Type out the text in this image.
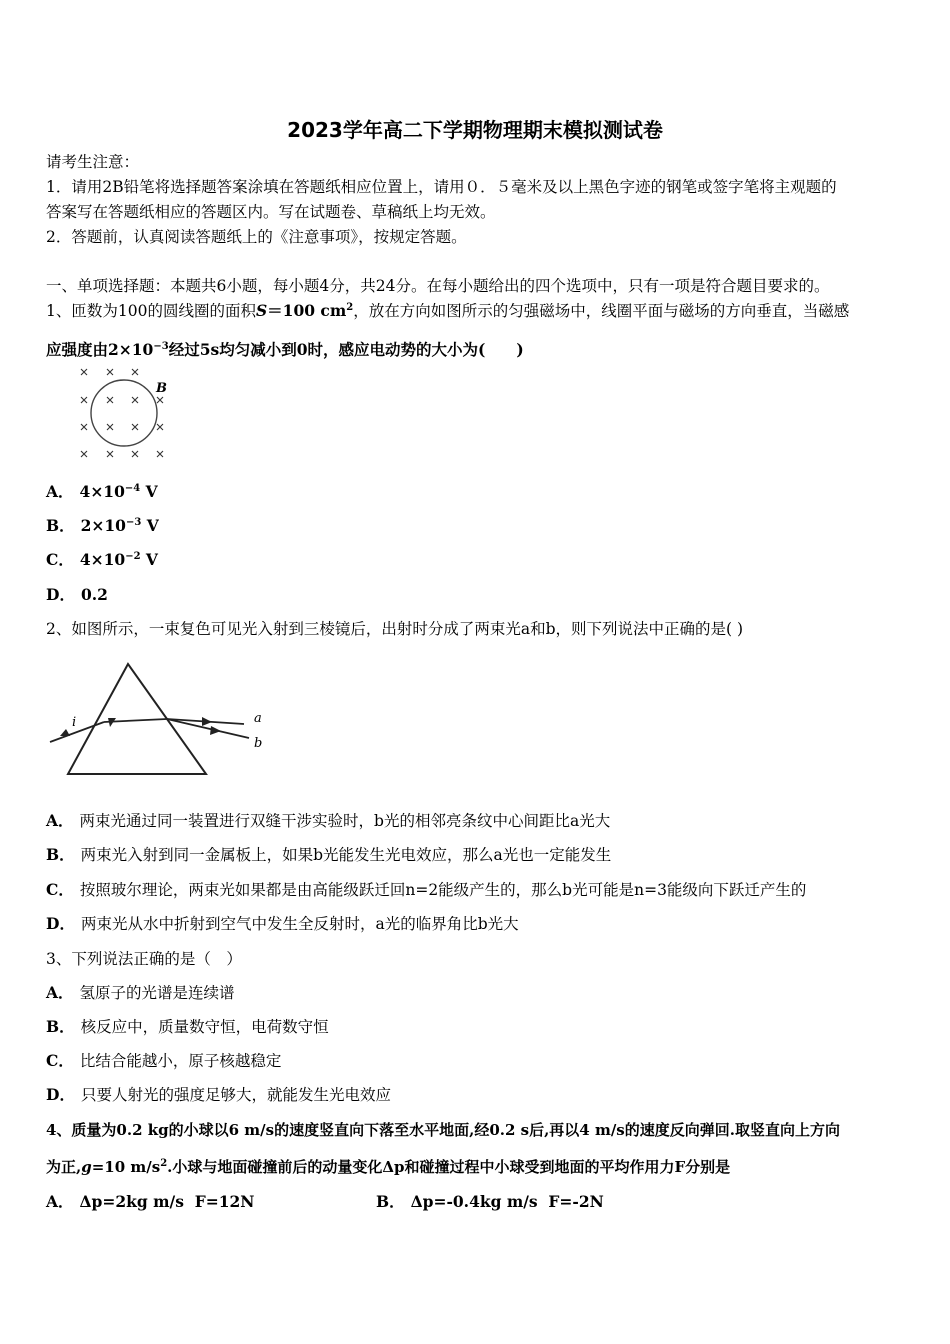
2023学年高二下学期物理期末模拟测试卷
请考生注意：
1．请用2B铅笔将选择题答案涂填在答题纸相应位置上，请用０．５毫米及以上黑色字迹的钢笔或签字笔将主观题的
答案写在答题纸相应的答题区内。写在试题卷、草稿纸上均无效。
2．答题前，认真阅读答题纸上的《注意事项》，按规定答题。
一、单项选择题：本题共6小题，每小题4分，共24分。在每小题给出的四个选项中，只有一项是符合题目要求的。
1、匝数为100的圆线圈的面积S＝100 $cm^2$，放在方向如图所示的匀强磁场中，线圈平面与磁场的方向垂直，当磁感
应强度由$2\times 10^{-3}$经过5s均匀减小到0时，感应电动势的大小为(　　)
B
A． $4\times 10^{-4}$ V
B． $2\times 10^{-3}$ V
C． $4\times 10^{-2}$ V
D． 0.2
2、如图所示，一束复色可见光入射到三棱镜后，出射时分成了两束光a和b，则下列说法中正确的是( )
i	a
b
A． 两束光通过同一装置进行双缝干涉实验时，b光的相邻亮条纹中心间距比a光大
B． 两束光入射到同一金属板上，如果b光能发生光电效应，那么a光也一定能发生
C． 按照玻尔理论，两束光如果都是由高能级跃迁回n=2能级产生的，那么b光可能是n=3能级向下跃迁产生的
D． 两束光从水中折射到空气中发生全反射时，a光的临界角比b光大
3、下列说法正确的是（　）
A． 氢原子的光谱是连续谱
B． 核反应中，质量数守恒，电荷数守恒
C． 比结合能越小，原子核越稳定
D． 只要人射光的强度足够大，就能发生光电效应
4、质量为0.2 kg的小球以6 m/s的速度竖直向下落至水平地面,经0.2 s后,再以4 m/s的速度反向弹回.取竖直向上方向
为正,g=10 $m/s^2$.小球与地面碰撞前后的动量变化Δp和碰撞过程中小球受到地面的平均作用力F分别是
A． Δp=2kg m/s  F=12N	B． Δp=-0.4kg m/s  F=-2N
